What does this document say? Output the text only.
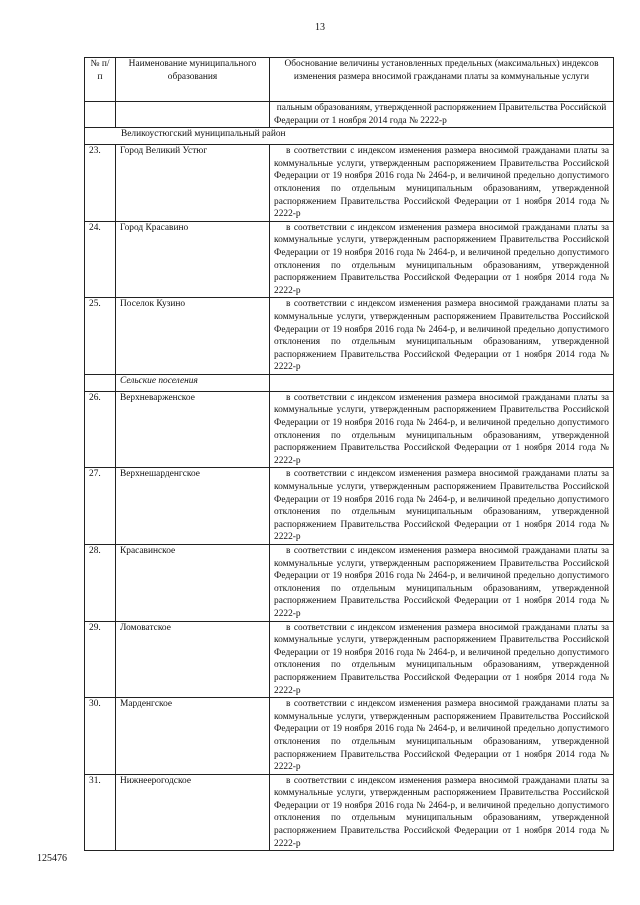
13
№ п/п	Наименование муниципального образования	Обоснование величины установленных предельных (максимальных) индексов изменения размера вносимой гражданами платы за коммунальные услуги
		пальным образованиям, утвержденной распоряжением Правительства Российской Федерации от 1 ноября 2014 года № 2222-р
Великоустюгский муниципальный район		
23.	Город Великий Устюг	в соответствии с индексом изменения размера вносимой гражданами платы за коммунальные услуги, утвержденным распоряжением Правительства Российской Федерации от 19 ноября 2016 года № 2464-р, и величиной предельно допустимого отклонения по отдельным муниципальным образованиям, утвержденной распоряжением Правительства Российской Федерации от 1 ноября 2014 года № 2222-р

24.	Город Красавино	в соответствии с индексом изменения размера вносимой гражданами платы за коммунальные услуги, утвержденным распоряжением Правительства Российской Федерации от 19 ноября 2016 года № 2464-р, и величиной предельно допустимого отклонения по отдельным муниципальным образованиям, утвержденной распоряжением Правительства Российской Федерации от 1 ноября 2014 года № 2222-р

25.	Поселок Кузино	в соответствии с индексом изменения размера вносимой гражданами платы за коммунальные услуги, утвержденным распоряжением Правительства Российской Федерации от 19 ноября 2016 года № 2464-р, и величиной предельно допустимого отклонения по отдельным муниципальным образованиям, утвержденной распоряжением Правительства Российской Федерации от 1 ноября 2014 года № 2222-р

	Сельские поселения	
26.	Верхневарженское	в соответствии с индексом изменения размера вносимой гражданами платы за коммунальные услуги, утвержденным распоряжением Правительства Российской Федерации от 19 ноября 2016 года № 2464-р, и величиной предельно допустимого отклонения по отдельным муниципальным образованиям, утвержденной распоряжением Правительства Российской Федерации от 1 ноября 2014 года № 2222-р

27.	Верхнешарденгское	в соответствии с индексом изменения размера вносимой гражданами платы за коммунальные услуги, утвержденным распоряжением Правительства Российской Федерации от 19 ноября 2016 года № 2464-р, и величиной предельно допустимого отклонения по отдельным муниципальным образованиям, утвержденной распоряжением Правительства Российской Федерации от 1 ноября 2014 года № 2222-р

28.	Красавинское	в соответствии с индексом изменения размера вносимой гражданами платы за коммунальные услуги, утвержденным распоряжением Правительства Российской Федерации от 19 ноября 2016 года № 2464-р, и величиной предельно допустимого отклонения по отдельным муниципальным образованиям, утвержденной распоряжением Правительства Российской Федерации от 1 ноября 2014 года № 2222-р

29.	Ломоватское	в соответствии с индексом изменения размера вносимой гражданами платы за коммунальные услуги, утвержденным распоряжением Правительства Российской Федерации от 19 ноября 2016 года № 2464-р, и величиной предельно допустимого отклонения по отдельным муниципальным образованиям, утвержденной распоряжением Правительства Российской Федерации от 1 ноября 2014 года № 2222-р

30.	Марденгское	в соответствии с индексом изменения размера вносимой гражданами платы за коммунальные услуги, утвержденным распоряжением Правительства Российской Федерации от 19 ноября 2016 года № 2464-р, и величиной предельно допустимого отклонения по отдельным муниципальным образованиям, утвержденной распоряжением Правительства Российской Федерации от 1 ноября 2014 года № 2222-р

31.	Нижнеерогодское	в соответствии с индексом изменения размера вносимой гражданами платы за коммунальные услуги, утвержденным распоряжением Правительства Российской Федерации от 19 ноября 2016 года № 2464-р, и величиной предельно допустимого отклонения по отдельным муниципальным образованиям, утвержденной распоряжением Правительства Российской Федерации от 1 ноября 2014 года № 2222-р
125476
